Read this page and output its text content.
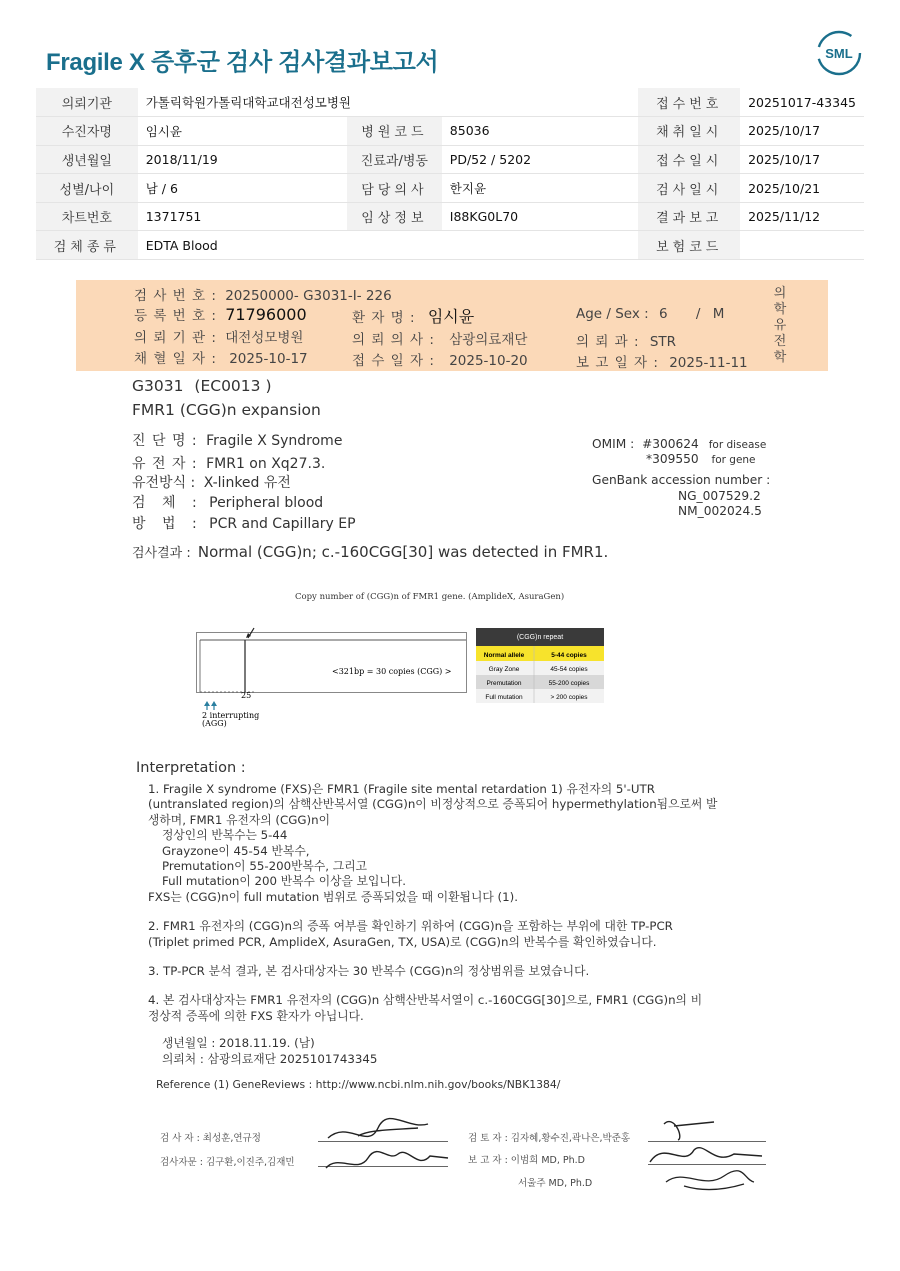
Fragile X 증후군 검사 검사결과보고서	SML
의뢰기관	가톨릭학원가톨릭대학교대전성모병원			접수번호	20251017-43345
수진자명	임시윤	병원코드	85036	채취일시	2025/10/17
생년월일	2018/11/19	진료과/병동	PD/52 / 5202	접수일시	2025/10/17
성별/나이	남 / 6	담당의사	한지윤	검사일시	2025/10/21
차트번호	1371751	임상정보	I88KG0L70	결과보고	2025/11/12
검체종류	EDTA Blood			보험코드	
검 사 번 호 : 20250000- G3031-I- 226
등 록 번 호 : 71796000	환 자 명 : 임시윤	Age / Sex : 6 / M
의 뢰 기 관 : 대전성모병원	의 뢰 의 사 : 삼광의료재단	의 뢰 과 : STR
채 혈 일 자 : 2025-10-17	접 수 일 자 : 2025-10-20	보 고 일 자 : 2025-11-11
의학유전학
G3031 (EC0013 )
FMR1 (CGG)n expansion
진 단 명 : Fragile X Syndrome
유 전 자 : FMR1 on Xq27.3.
유전방식 : X-linked 유전
검 체 : Peripheral blood
방 법 : PCR and Capillary EP
OMIM : #300624 for disease
*309550 for gene
GenBank accession number :
NG_007529.2
NM_002024.5
검사결과 : Normal (CGG)n; c.-160CGG[30] was detected in FMR1.
Copy number of (CGG)n of FMR1 gene. (AmplideX, AsuraGen)
25
<321bp = 30 copies (CGG) >
2 interrupting
(AGG)
(CGG)n repeat
Normal allele	5-44 copies
Gray Zone	45-54 copies
Premutation	55-200 copies
Full mutation	> 200 copies
Interpretation :

1. Fragile X syndrome (FXS)은 FMR1 (Fragile site mental retardation 1) 유전자의 5'-UTR
(untranslated region)의 삼핵산반복서열 (CGG)n이 비정상적으로 증폭되어 hypermethylation됨으로써 발
생하며, FMR1 유전자의 (CGG)n이
정상인의 반복수는 5-44
Grayzone이 45-54 반복수,
Premutation이 55-200반복수, 그리고
Full mutation이 200 반복수 이상을 보입니다.
FXS는 (CGG)n이 full mutation 범위로 증폭되었을 때 이환됩니다 (1).

2. FMR1 유전자의 (CGG)n의 증폭 여부를 확인하기 위하여 (CGG)n을 포함하는 부위에 대한 TP-PCR
(Triplet primed PCR, AmplideX, AsuraGen, TX, USA)로 (CGG)n의 반복수를 확인하였습니다.

3. TP-PCR 분석 결과, 본 검사대상자는 30 반복수 (CGG)n의 정상범위를 보였습니다.

4. 본 검사대상자는 FMR1 유전자의 (CGG)n 삼핵산반복서열이 c.-160CGG[30]으로, FMR1 (CGG)n의 비
정상적 증폭에 의한 FXS 환자가 아닙니다.

생년월일 : 2018.11.19. (남)
의뢰처 : 삼광의료재단 2025101743345

Reference (1) GeneReviews : http://www.ncbi.nlm.nih.gov/books/NBK1384/
검 사 자 : 최성훈,연규정
검사자문 : 김구환,이진주,김재민
검 토 자 : 김자혜,황수진,곽나은,박준홍
보 고 자 : 이범희 MD, Ph.D
서울주 MD, Ph.D
